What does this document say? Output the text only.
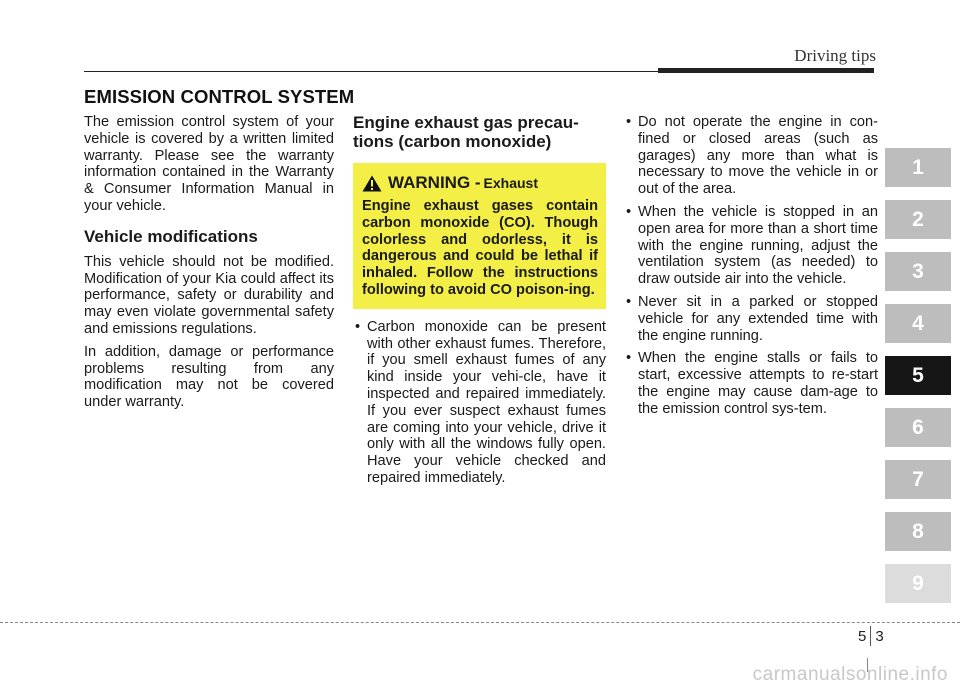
Driving tips
EMISSION CONTROL SYSTEM

The emission control system of your vehicle is covered by a written limited warranty. Please see the warranty information contained in the Warranty & Consumer Information Manual in your vehicle.

Vehicle modifications

This vehicle should not be modified. Modification of your Kia could affect its performance, safety or durability and may even violate governmental safety and emissions regulations.

In addition, damage or performance problems resulting from any modification may not be covered under warranty.

Engine exhaust gas precau-tions (carbon monoxide)
WARNING - Exhaust
Engine exhaust gases contain carbon monoxide (CO). Though colorless and odorless, it is dangerous and could be lethal if inhaled. Follow the instructions following to avoid CO poison-ing.
• Carbon monoxide can be present with other exhaust fumes. Therefore, if you smell exhaust fumes of any kind inside your vehi-cle, have it inspected and repaired immediately. If you ever suspect exhaust fumes are coming into your vehicle, drive it only with all the windows fully open. Have your vehicle checked and repaired immediately.
• Do not operate the engine in con-fined or closed areas (such as garages) any more than what is necessary to move the vehicle in or out of the area.
• When the vehicle is stopped in an open area for more than a short time with the engine running, adjust the ventilation system (as needed) to draw outside air into the vehicle.
• Never sit in a parked or stopped vehicle for any extended time with the engine running.
• When the engine stalls or fails to start, excessive attempts to re-start the engine may cause dam-age to the emission control sys-tem.
1
2
3
4
5
6
7
8
9
5 3
carmanualsonline.info
